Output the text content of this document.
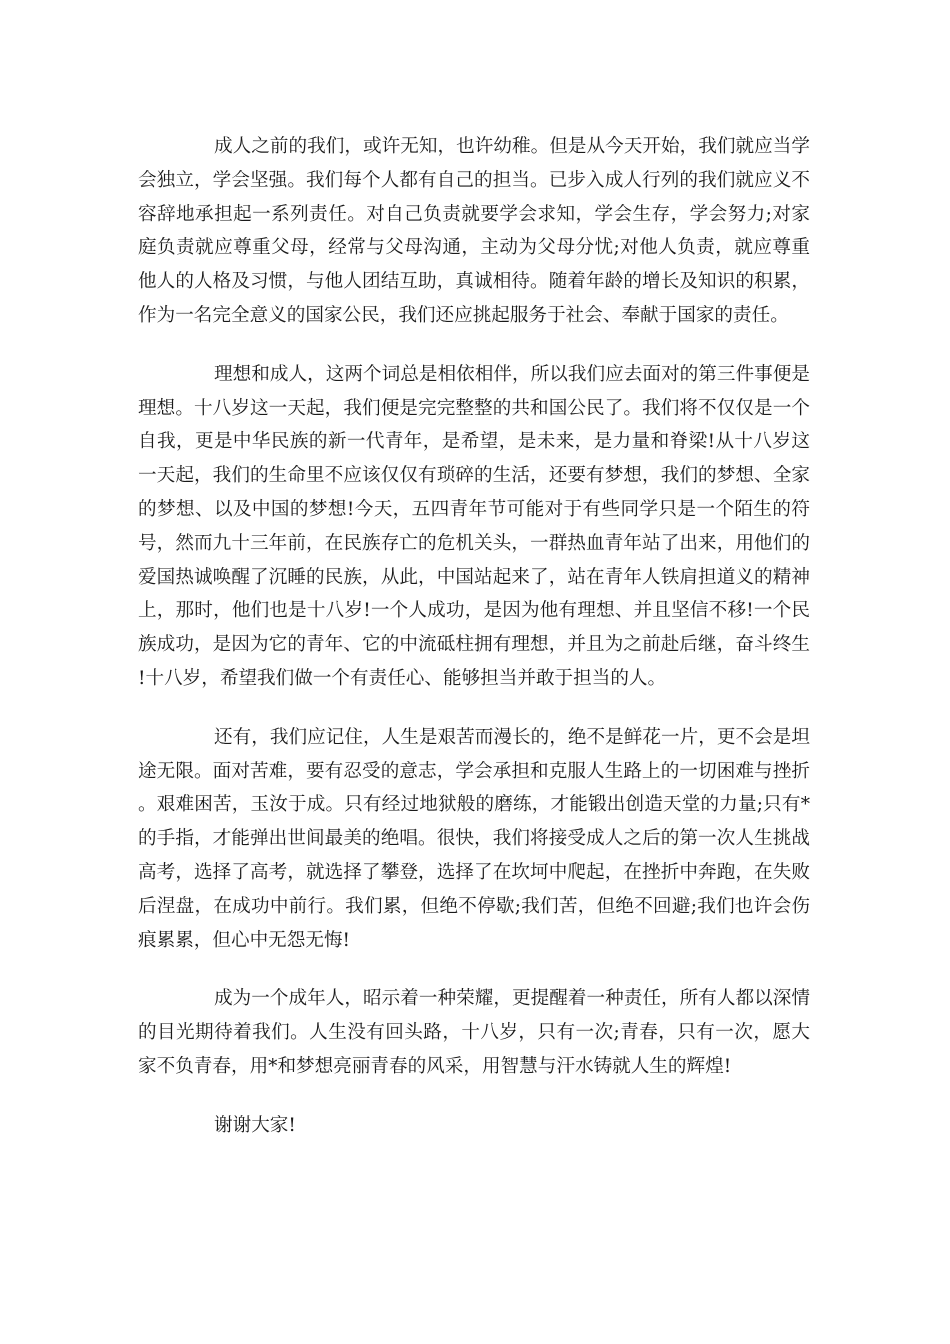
成人之前的我们，或许无知，也许幼稚。但是从今天开始，我们就应当学会独立，学会坚强。我们每个人都有自己的担当。已步入成人行列的我们就应义不容辞地承担起一系列责任。对自己负责就要学会求知，学会生存，学会努力;对家庭负责就应尊重父母，经常与父母沟通，主动为父母分忧;对他人负责，就应尊重他人的人格及习惯，与他人团结互助，真诚相待。随着年龄的增长及知识的积累，作为一名完全意义的国家公民，我们还应挑起服务于社会、奉献于国家的责任。

理想和成人，这两个词总是相依相伴，所以我们应去面对的第三件事便是理想。十八岁这一天起，我们便是完完整整的共和国公民了。我们将不仅仅是一个自我，更是中华民族的新一代青年，是希望，是未来，是力量和脊梁!从十八岁这一天起，我们的生命里不应该仅仅有琐碎的生活，还要有梦想，我们的梦想、全家的梦想、以及中国的梦想!今天，五四青年节可能对于有些同学只是一个陌生的符号，然而九十三年前，在民族存亡的危机关头，一群热血青年站了出来，用他们的爱国热诚唤醒了沉睡的民族，从此，中国站起来了，站在青年人铁肩担道义的精神上，那时，他们也是十八岁!一个人成功，是因为他有理想、并且坚信不移!一个民族成功，是因为它的青年、它的中流砥柱拥有理想，并且为之前赴后继，奋斗终生!十八岁，希望我们做一个有责任心、能够担当并敢于担当的人。

还有，我们应记住，人生是艰苦而漫长的，绝不是鲜花一片，更不会是坦途无限。面对苦难，要有忍受的意志，学会承担和克服人生路上的一切困难与挫折。艰难困苦，玉汝于成。只有经过地狱般的磨练，才能锻出创造天堂的力量;只有*的手指，才能弹出世间最美的绝唱。很快，我们将接受成人之后的第一次人生挑战高考，选择了高考，就选择了攀登，选择了在坎坷中爬起，在挫折中奔跑，在失败后涅盘，在成功中前行。我们累，但绝不停歇;我们苦，但绝不回避;我们也许会伤痕累累，但心中无怨无悔!

成为一个成年人，昭示着一种荣耀，更提醒着一种责任，所有人都以深情的目光期待着我们。人生没有回头路，十八岁，只有一次;青春，只有一次，愿大家不负青春，用*和梦想亮丽青春的风采，用智慧与汗水铸就人生的辉煌!

谢谢大家!
